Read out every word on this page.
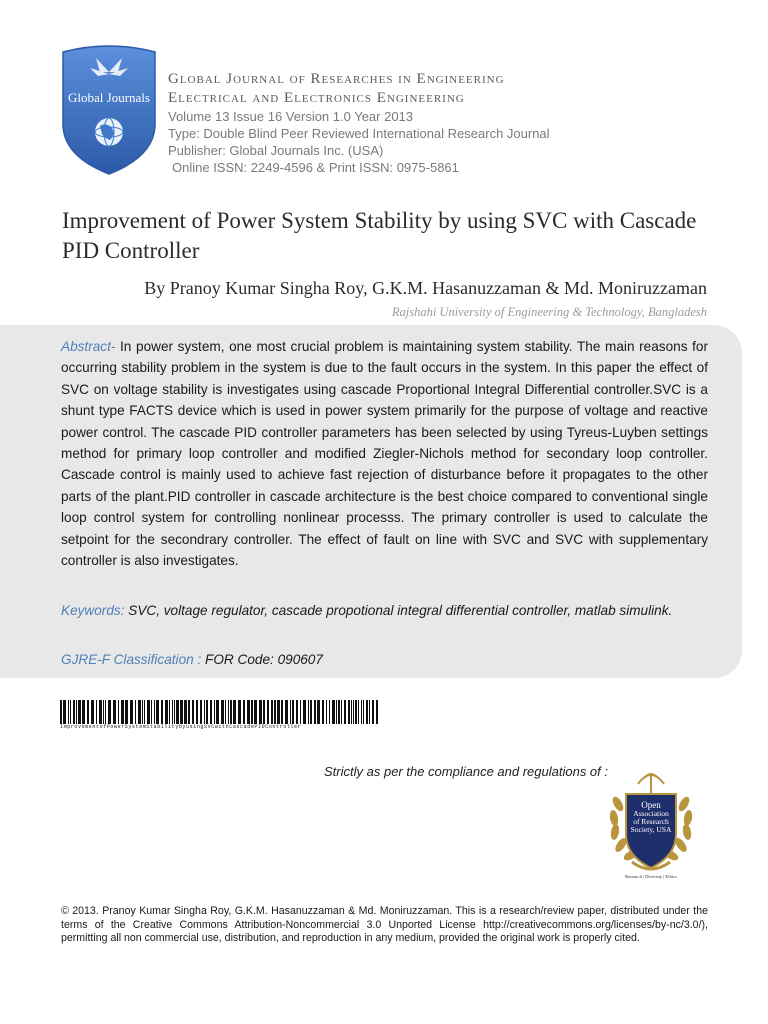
Global Journals
Global Journal of Researches in Engineering
Electrical and Electronics Engineering
Volume 13 Issue 16 Version 1.0 Year 2013
Type: Double Blind Peer Reviewed International Research Journal
Publisher: Global Journals Inc. (USA)
Online ISSN: 2249-4596 & Print ISSN: 0975-5861
Improvement of Power System Stability by using SVC with Cascade PID Controller
By Pranoy Kumar Singha Roy, G.K.M. Hasanuzzaman & Md. Moniruzzaman
Rajshahi University of Engineering & Technology, Bangladesh
Abstract- In power system, one most crucial problem is maintaining system stability. The main reasons for occurring stability problem in the system is due to the fault occurs in the system. In this paper the effect of SVC on voltage stability is investigates using cascade Proportional Integral Differential controller.SVC is a shunt type FACTS device which is used in power system primarily for the purpose of voltage and reactive power control. The cascade PID controller parameters has been selected by using Tyreus-Luyben settings method for primary loop controller and modified Ziegler-Nichols method for secondary loop controller. Cascade control is mainly used to achieve fast rejection of disturbance before it propagates to the other parts of the plant.PID controller in cascade architecture is the best choice compared to conventional single loop control system for controlling nonlinear processs. The primary controller is used to calculate the setpoint for the secondrary controller. The effect of fault on line with SVC and SVC with supplementary controller is also investigates.
Keywords: SVC, voltage regulator, cascade propotional integral differential controller, matlab simulink.
GJRE-F Classification : FOR Code: 090607
ImprovementofPowerSystemStabilitybyusingSVCwithCascadePIDController
Strictly as per the compliance and regulations of :
Open
Association
of Research
Society, USA
Research | Diversity | Ethics
© 2013. Pranoy Kumar Singha Roy, G.K.M. Hasanuzzaman & Md. Moniruzzaman. This is a research/review paper, distributed under the terms of the Creative Commons Attribution-Noncommercial 3.0 Unported License http://creativecommons.org/licenses/by-nc/3.0/), permitting all non commercial use, distribution, and reproduction in any medium, provided the original work is properly cited.
